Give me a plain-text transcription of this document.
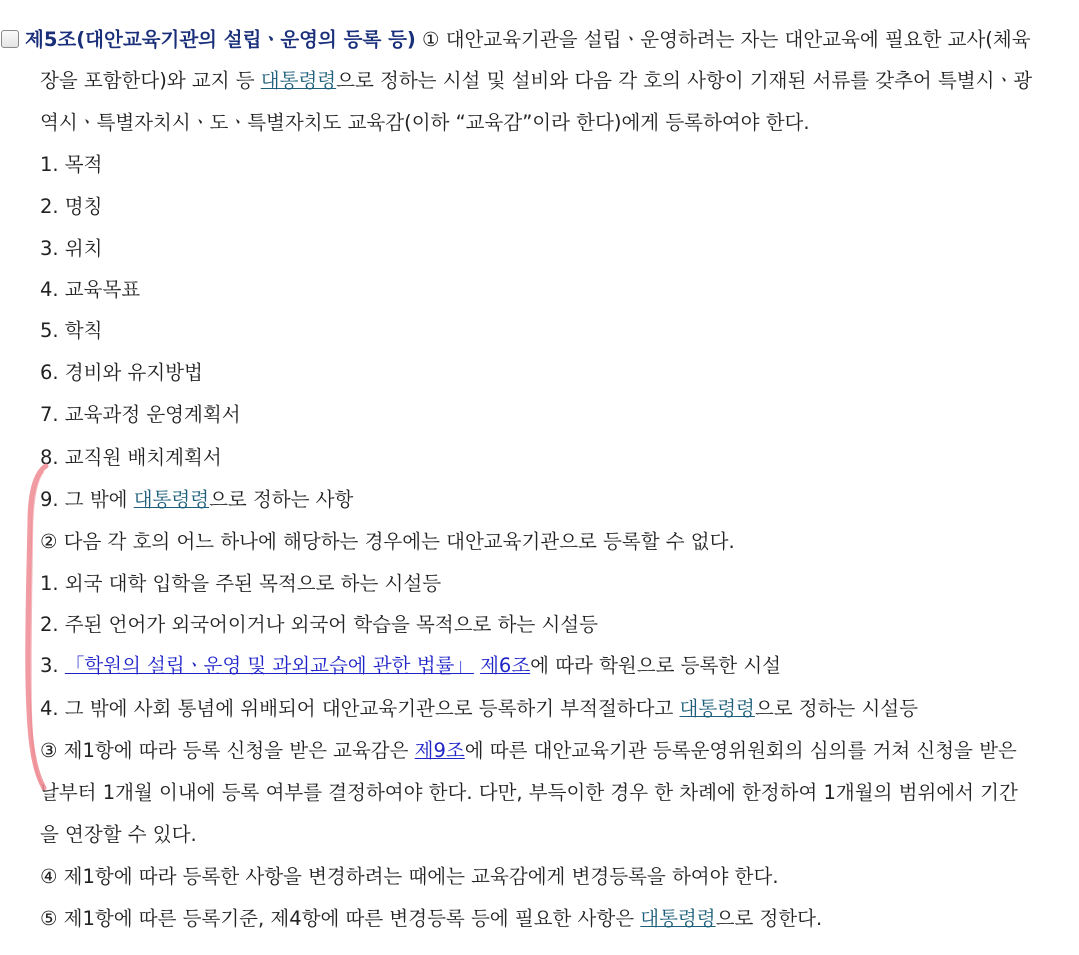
제5조(대안교육기관의 설립ㆍ운영의 등록 등) ① 대안교육기관을 설립ㆍ운영하려는 자는 대안교육에 필요한 교사(체육
장을 포함한다)와 교지 등 대통령령으로 정하는 시설 및 설비와 다음 각 호의 사항이 기재된 서류를 갖추어 특별시ㆍ광
역시ㆍ특별자치시ㆍ도ㆍ특별자치도 교육감(이하 “교육감”이라 한다)에게 등록하여야 한다.
1. 목적
2. 명칭
3. 위치
4. 교육목표
5. 학칙
6. 경비와 유지방법
7. 교육과정 운영계획서
8. 교직원 배치계획서
9. 그 밖에 대통령령으로 정하는 사항
② 다음 각 호의 어느 하나에 해당하는 경우에는 대안교육기관으로 등록할 수 없다.
1. 외국 대학 입학을 주된 목적으로 하는 시설등
2. 주된 언어가 외국어이거나 외국어 학습을 목적으로 하는 시설등
3. 「학원의 설립ㆍ운영 및 과외교습에 관한 법률」 제6조에 따라 학원으로 등록한 시설
4. 그 밖에 사회 통념에 위배되어 대안교육기관으로 등록하기 부적절하다고 대통령령으로 정하는 시설등
③ 제1항에 따라 등록 신청을 받은 교육감은 제9조에 따른 대안교육기관 등록운영위원회의 심의를 거쳐 신청을 받은
날부터 1개월 이내에 등록 여부를 결정하여야 한다. 다만, 부득이한 경우 한 차례에 한정하여 1개월의 범위에서 기간
을 연장할 수 있다.
④ 제1항에 따라 등록한 사항을 변경하려는 때에는 교육감에게 변경등록을 하여야 한다.
⑤ 제1항에 따른 등록기준, 제4항에 따른 변경등록 등에 필요한 사항은 대통령령으로 정한다.
